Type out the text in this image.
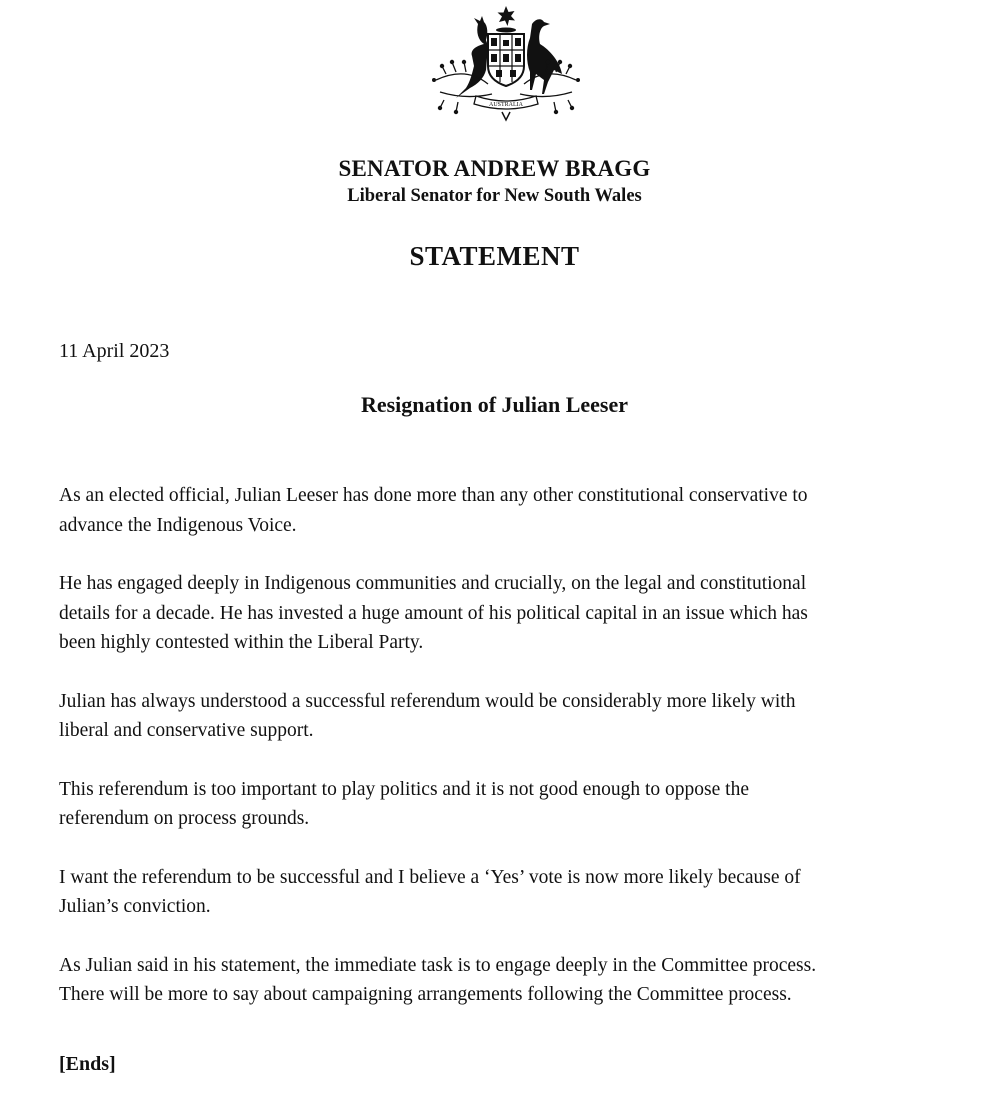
AUSTRALIA
SENATOR ANDREW BRAGG
Liberal Senator for New South Wales
STATEMENT
11 April 2023
Resignation of Julian Leeser

As an elected official, Julian Leeser has done more than any other constitutional conservative to
advance the Indigenous Voice.

He has engaged deeply in Indigenous communities and crucially, on the legal and constitutional
details for a decade. He has invested a huge amount of his political capital in an issue which has
been highly contested within the Liberal Party.

Julian has always understood a successful referendum would be considerably more likely with
liberal and conservative support.

This referendum is too important to play politics and it is not good enough to oppose the
referendum on process grounds.

I want the referendum to be successful and I believe a ‘Yes’ vote is now more likely because of
Julian’s conviction.

As Julian said in his statement, the immediate task is to engage deeply in the Committee process.
There will be more to say about campaigning arrangements following the Committee process.

[Ends]
